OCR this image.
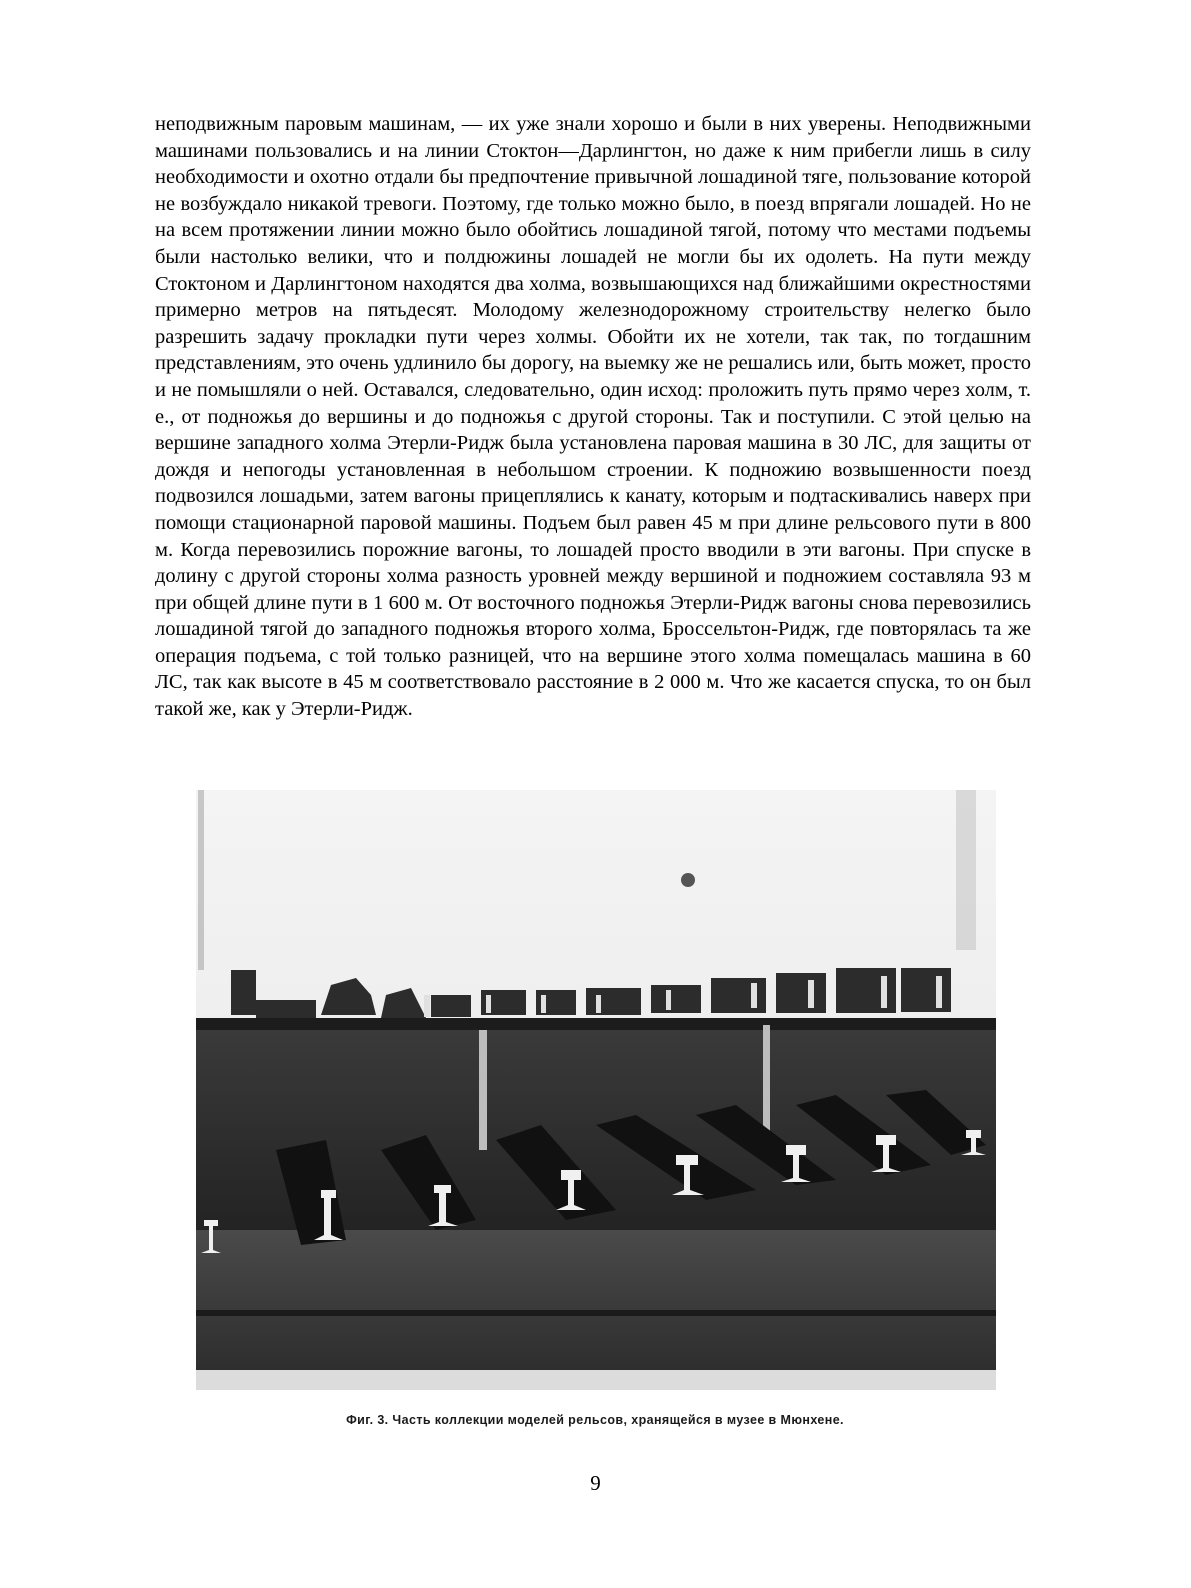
неподвижным паровым машинам, — их уже знали хорошо и были в них уверены. Неподвижными машинами пользовались и на линии Стоктон—Дарлингтон, но даже к ним прибегли лишь в силу необходимости и охотно отдали бы предпочтение привычной лошадиной тяге, пользование которой не возбуждало никакой тревоги. Поэтому, где только можно было, в поезд впрягали лошадей. Но не на всем протяжении линии можно было обойтись лошадиной тягой, потому что местами подъемы были настолько велики, что и полдюжины лошадей не могли бы их одолеть. На пути между Стоктоном и Дарлингтоном находятся два холма, возвышающихся над ближайшими окрестностями примерно метров на пятьдесят. Молодому железнодорожному строительству нелегко было разрешить задачу прокладки пути через холмы. Обойти их не хотели, так так, по тогдашним представлениям, это очень удлинило бы дорогу, на выемку же не решались или, быть может, просто и не помышляли о ней. Оставался, следовательно, один исход: проложить путь прямо через холм, т. е., от подножья до вершины и до подножья с другой стороны. Так и поступили. С этой целью на вершине западного холма Этерли-Ридж была установлена паровая машина в 30 ЛС, для защиты от дождя и непогоды установленная в небольшом строении. К подножию возвышенности поезд подвозился лошадьми, затем вагоны прицеплялись к канату, которым и подтаскивались наверх при помощи стационарной паровой машины. Подъем был равен 45 м при длине рельсового пути в 800 м. Когда перевозились порожние вагоны, то лошадей просто вводили в эти вагоны. При спуске в долину с другой стороны холма разность уровней между вершиной и подножием составляла 93 м при общей длине пути в 1 600 м. От восточного подножья Этерли-Ридж вагоны снова перевозились лошадиной тягой до западного подножья второго холма, Броссельтон-Ридж, где повторялась та же операция подъема, с той только разницей, что на вершине этого холма помещалась машина в 60 ЛС, так как высоте в 45 м соответствовало расстояние в 2 000 м. Что же касается спуска, то он был такой же, как у Этерли-Ридж.

Фиг. 3. Часть коллекции моделей рельсов, хранящейся в музее в Мюнхене.
9
